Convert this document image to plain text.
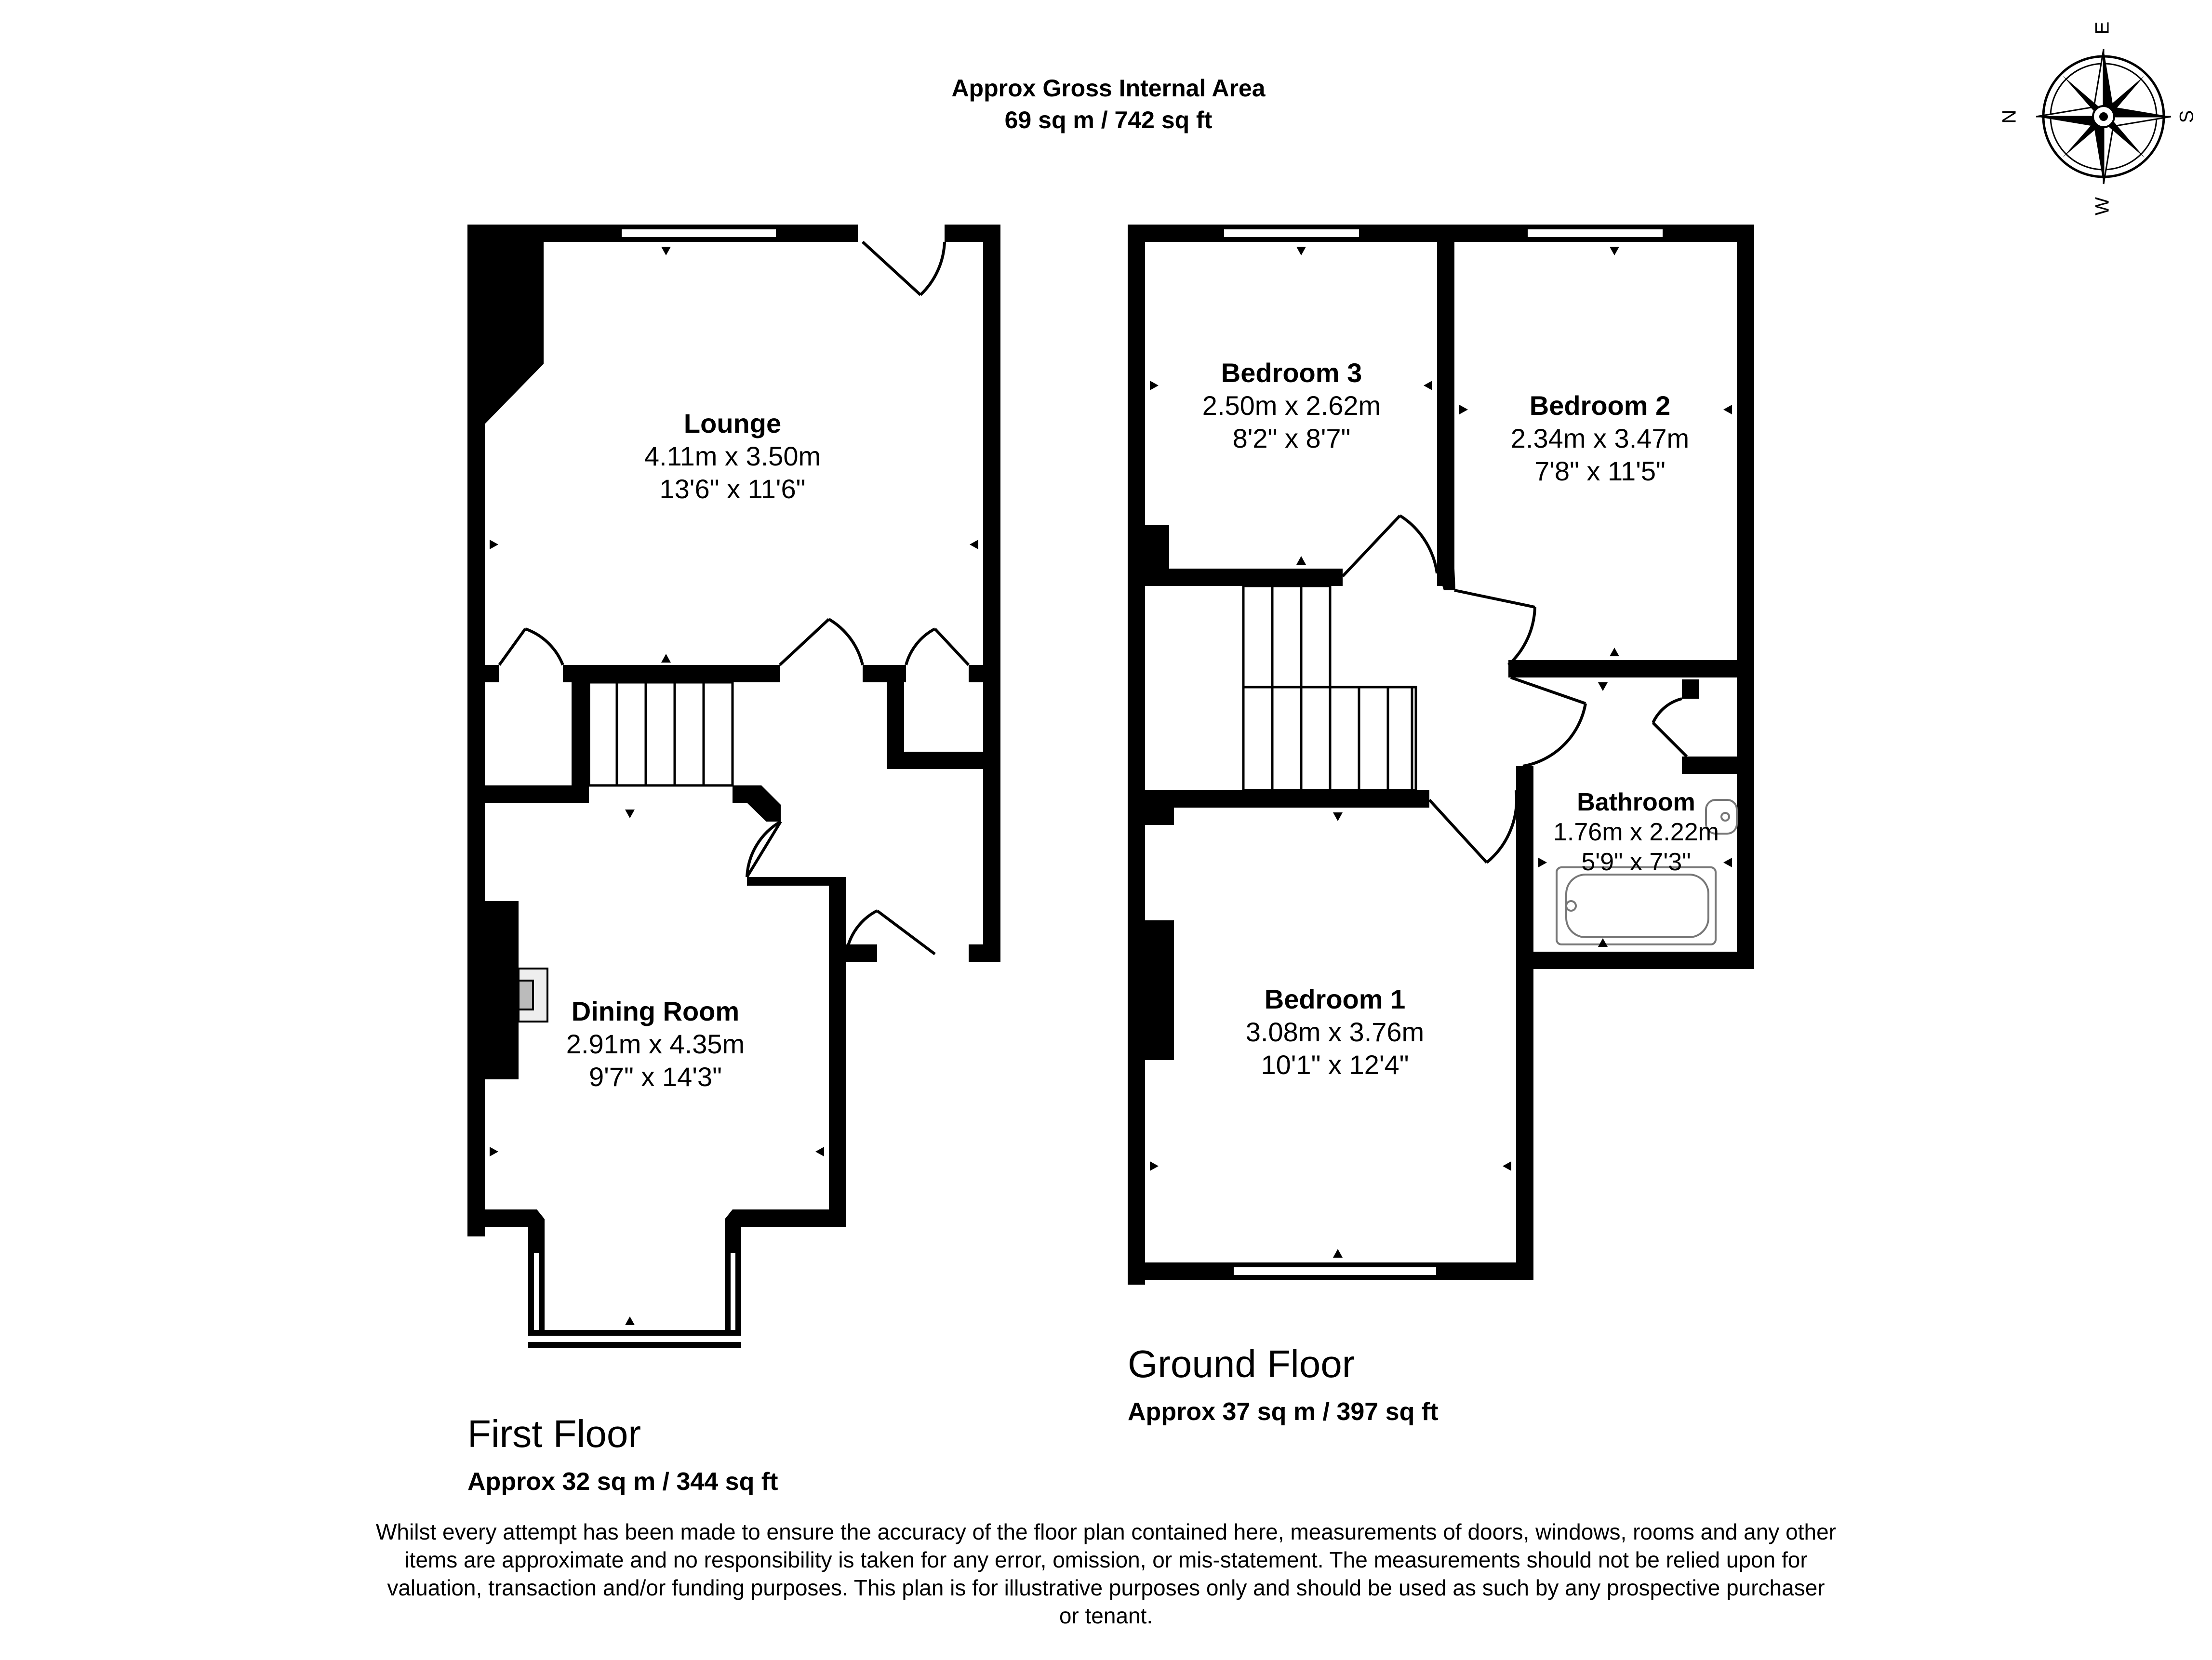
Approx Gross Internal Area
69 sq m / 742 sq ft
E
W
N	S
Lounge
4.11m x 3.50m
13'6" x 11'6"
Dining Room
2.91m x 4.35m
9'7" x 14'3"
Bedroom 3
2.50m x 2.62m
8'2" x 8'7"
Bedroom 2
2.34m x 3.47m
7'8" x 11'5"
Bathroom
1.76m x 2.22m
5'9" x 7'3"
Bedroom 1
3.08m x 3.76m
10'1" x 12'4"
Ground Floor
Approx 37 sq m / 397 sq ft
First Floor
Approx 32 sq m / 344 sq ft
Whilst every attempt has been made to ensure the accuracy of the floor plan contained here, measurements of doors, windows, rooms and any other items are approximate and no responsibility is taken for any error, omission, or mis-statement. The measurements should not be relied upon for valuation, transaction and/or funding purposes. This plan is for illustrative purposes only and should be used as such by any prospective purchaser or tenant.
